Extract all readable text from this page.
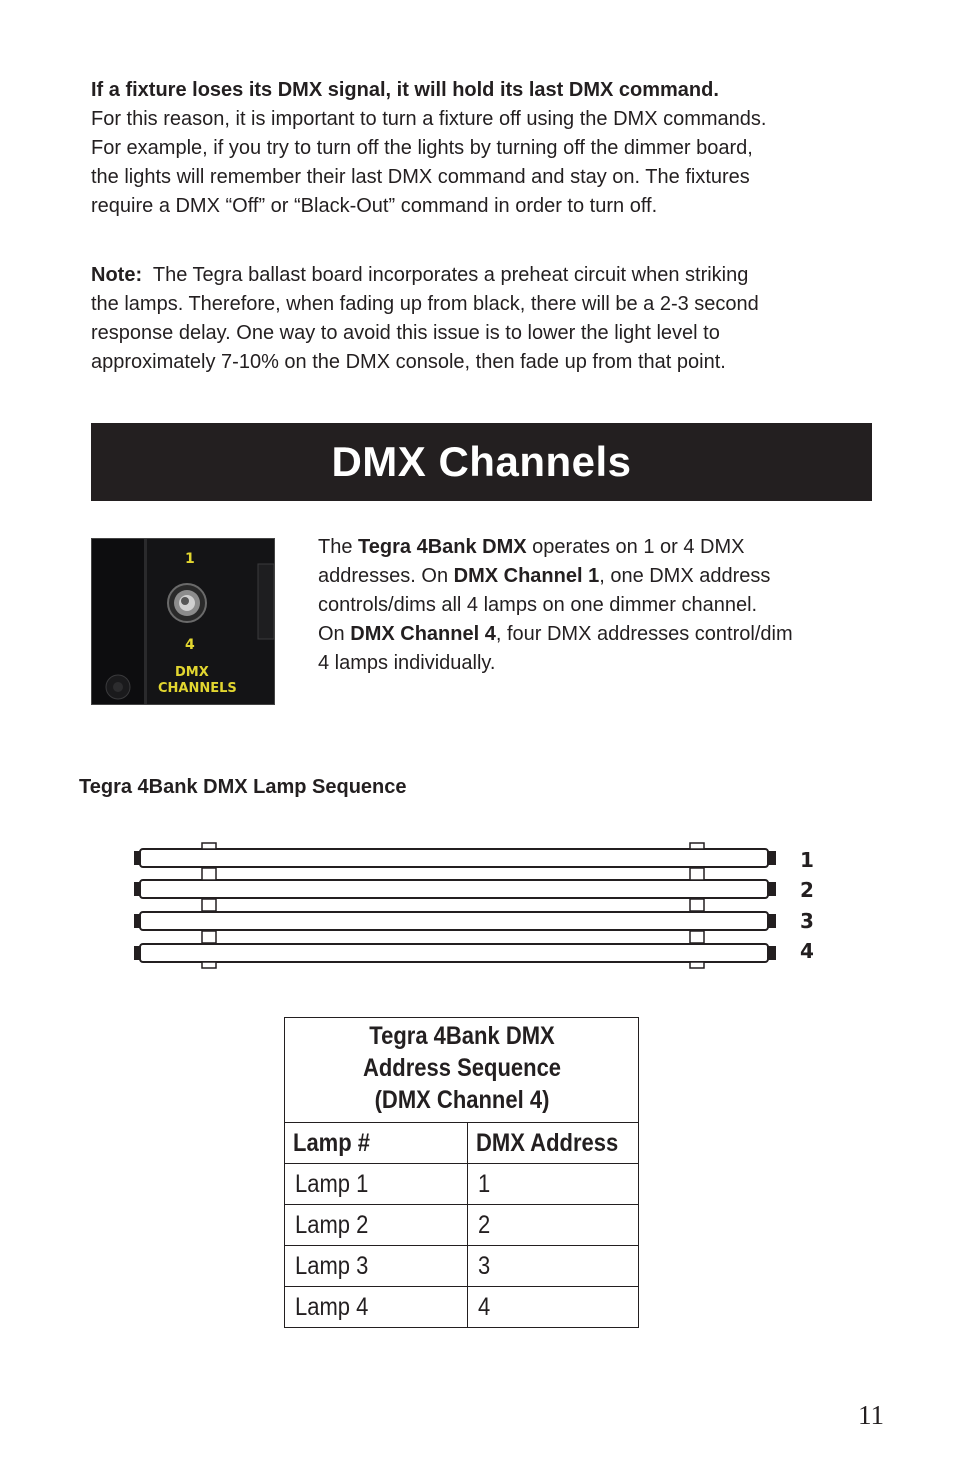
If a fixture loses its DMX signal, it will hold its last DMX command.
For this reason, it is important to turn a fixture off using the DMX commands.
For example, if you try to turn off the lights by turning off the dimmer board,
the lights will remember their last DMX command and stay on. The fixtures
require a DMX “Off” or “Black-Out” command in order to turn off.
Note:  The Tegra ballast board incorporates a preheat circuit when striking
the lamps. Therefore, when fading up from black, there will be a 2-3 second
response delay. One way to avoid this issue is to lower the light level to
approximately 7-10% on the DMX console, then fade up from that point.
DMX Channels
1
4
DMX
CHANNELS
The Tegra 4Bank DMX operates on 1 or 4 DMX
addresses. On DMX Channel 1, one DMX address
controls/dims all 4 lamps on one dimmer channel.
On DMX Channel 4, four DMX addresses control/dim
4 lamps individually.
Tegra 4Bank DMX Lamp Sequence
1
2
3
4
Tegra 4Bank DMX
Address Sequence
(DMX Channel 4)	
Lamp #	DMX Address
Lamp 1	1
Lamp 2	2
Lamp 3	3
Lamp 4	4
11
